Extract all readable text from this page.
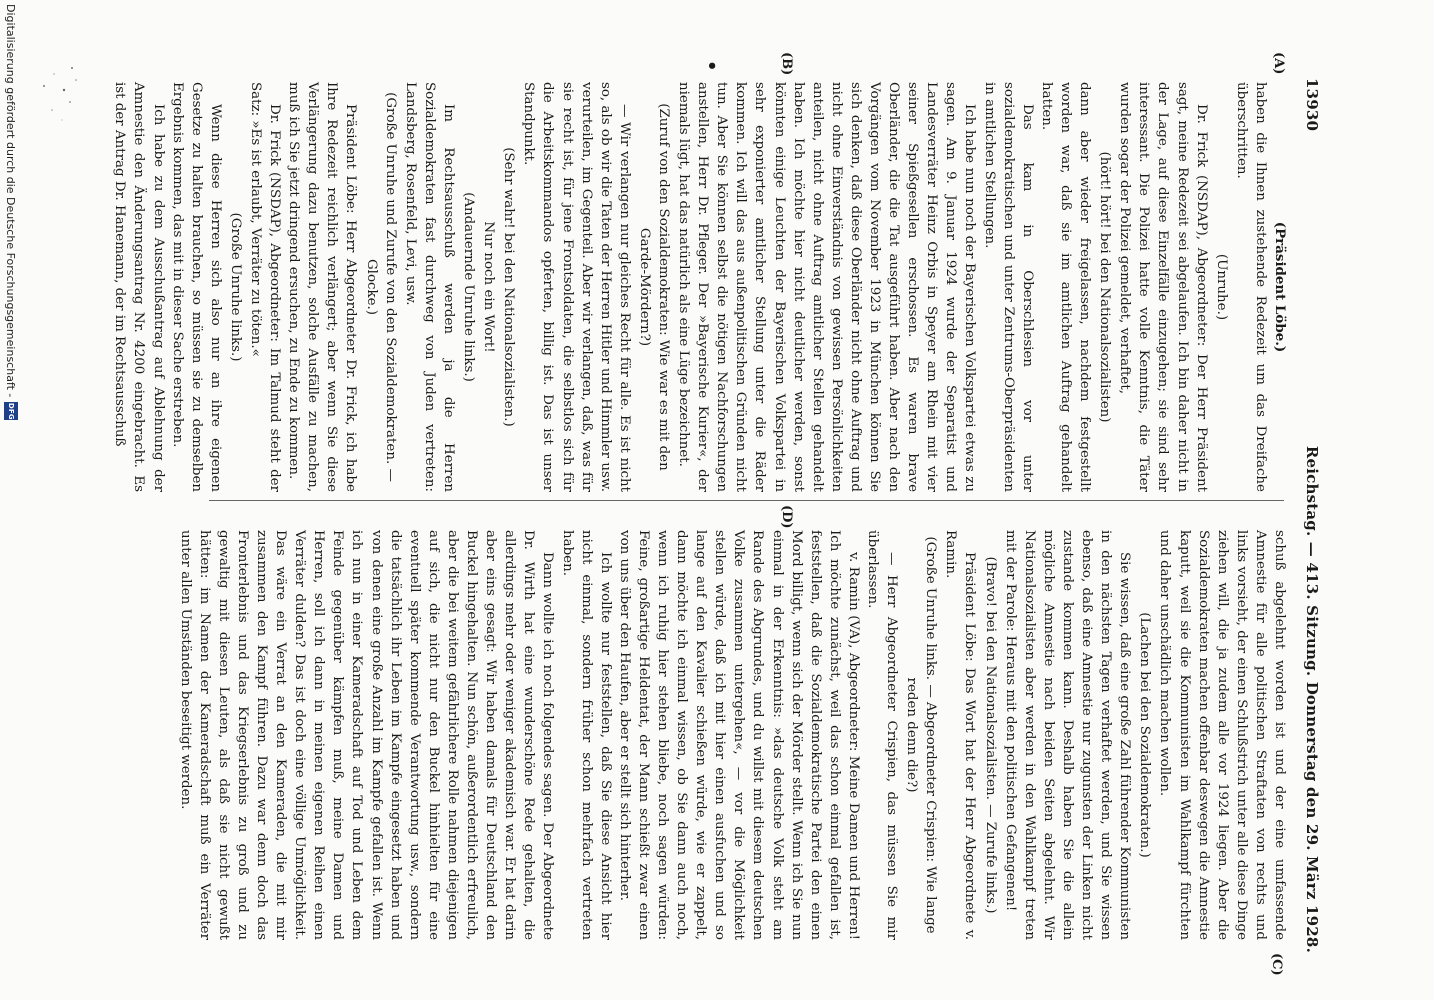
13930
Reichstag. — 413. Sitzung. Donnerstag den 29. März 1928.
(A)
(B)
(C)
(D)
•

(Präsident Löbe.)

haben die Ihnen zustehende Redezeit um das Dreifache überschritten.

(Unruhe.)

Dr. Frick (NSDAP), Abgeordneter: Der Herr Präsident sagt, meine Redezeit sei abgelaufen. Ich bin daher nicht in der Lage, auf diese Einzelfälle einzugehen; sie sind sehr interessant. Die Polizei hatte volle Kenntnis, die Täter wurden sogar der Polizei gemeldet, verhaftet,

(hört! hört! bei den Nationalsozialisten)

dann aber wieder freigelassen, nachdem festgestellt worden war, daß sie im amtlichen Auftrag gehandelt hatten.

Das kam in Oberschlesien vor unter sozialdemokratischen und unter Zentrums-Oberpräsidenten in amtlichen Stellungen.

Ich habe nun noch der Bayerischen Volkspartei etwas zu sagen. Am 9. Januar 1924 wurde der Separatist und Landesverräter Heinz Orbis in Speyer am Rhein mit vier seiner Spießgesellen erschossen. Es waren brave Oberländer, die die Tat ausgeführt haben. Aber nach den Vorgängen vom November 1923 in München können Sie sich denken, daß diese Oberländer nicht ohne Auftrag und nicht ohne Einverständnis von gewissen Persönlichkeiten anteilen, nicht ohne Auftrag amtlicher Stellen gehandelt haben. Ich möchte hier nicht deutlicher werden, sonst könnten einige Leuchten der Bayerischen Volkspartei in sehr exponierter amtlicher Stellung unter die Räder kommen. Ich will das aus außenpolitischen Gründen nicht tun. Aber Sie können selbst die nötigen Nachforschungen anstellen, Herr Dr. Pfleger. Der »Bayerische Kurier«, der niemals lügt, hat das natürlich als eine Lüge bezeichnet.

(Zuruf von den Sozialdemokraten: Wie war es mit den Garde-Mördern?)

— Wir verlangen nur gleiches Recht für alle. Es ist nicht so, als ob wir die Taten der Herren Hitler und Himmler usw. verurteilen, im Gegenteil. Aber wir verlangen, daß, was für sie recht ist, für jene Frontsoldaten, die selbstlos sich für die Arbeitskommandos opferten, billig ist. Das ist unser Standpunkt.

(Sehr wahr! bei den Nationalsozialisten.)

Nur noch ein Wort!

(Andauernde Unruhe links.)

Im Rechtsausschuß werden ja die Herren Sozialdemokraten fast durchweg von Juden vertreten: Landsberg, Rosenfeld, Levi, usw.

(Große Unruhe und Zurufe von den Sozialdemokraten. — Glocke.)

Präsident Löbe: Herr Abgeordneter Dr. Frick, ich habe Ihre Redezeit reichlich verlängert; aber wenn Sie diese Verlängerung dazu benutzen, solche Ausfälle zu machen, muß ich Sie jetzt dringend ersuchen, zu Ende zu kommen.

Dr. Frick (NSDAP), Abgeordneter: Im Talmud steht der Satz: »Es ist erlaubt, Verräter zu töten.«

(Große Unruhe links.)

Wenn diese Herren sich also nur an ihre eigenen Gesetze zu halten brauchen, so müssen sie zu demselben Ergebnis kommen, das mit in dieser Sache erstreben.

Ich habe zu dem Ausschußantrag auf Ablehnung der Amnestie den Änderungsantrag Nr. 4200 eingebracht. Es ist der Antrag Dr. Hanemann, der im Rechtsausschuß

schuß abgelehnt worden ist und der eine umfassende Amnestie für alle politischen Straftaten von rechts und links vorsieht, der einen Schlußstrich unter alle diese Dinge ziehen will, die ja zudem alle vor 1924 liegen. Aber die Sozialdemokraten machen offenbar deswegen die Amnestie kaputt, weil sie die Kommunisten im Wahlkampf fürchten und daher unschädlich machen wollen.

(Lachen bei den Sozialdemokraten.)

Sie wissen, daß eine große Zahl führender Kommunisten in den nächsten Tagen verhaftet werden, und Sie wissen ebenso, daß eine Amnestie nur zugunsten der Linken nicht zustande kommen kann. Deshalb haben Sie die allein mögliche Amnestie nach beiden Seiten abgelehnt. Wir Nationalsozialisten aber werden in den Wahlkampf treten mit der Parole: Heraus mit den politischen Gefangenen!

(Bravo! bei den Nationalsozialisten. — Zurufe links.)

Präsident Löbe: Das Wort hat der Herr Abgeordnete v. Ramin.

(Große Unruhe links. — Abgeordneter Crispien: Wie lange reden denn die?)

— Herr Abgeordneter Crispien, das müssen Sie mir überlassen.

v. Ramin (VA), Abgeordneter: Meine Damen und Herren! Ich möchte zunächst, weil das schon einmal gefallen ist, feststellen, daß die Sozialdemokratische Partei den einen Mord billigt, wenn sich der Mörder stellt. Wenn ich Sie nun einmal in der Erkenntnis: »das deutsche Volk steht am Rande des Abgrundes, und du willst mit diesem deutschen Volke zusammen untergehen«, — vor die Möglichkeit stellen würde, daß ich mit hier einen ausfuchen und so lange auf den Kavalier schießen würde, wie er zappelt, dann möchte ich einmal wissen, ob Sie dann auch noch, wenn ich ruhig hier stehen bliebe, noch sagen würden: Feine, großartige Heldentat, der Mann schießt zwar einen von uns über den Haufen, aber er stellt sich hinterher.

Ich wollte nur feststellen, daß Sie diese Ansicht hier nicht einmal, sondern früher schon mehrfach vertreten haben.

Dann wollte ich noch folgendes sagen. Der Abgeordnete Dr. Wirth hat eine wunderschöne Rede gehalten, die allerdings mehr oder weniger akademisch war. Er hat darin aber eins gesagt: Wir haben damals für Deutschland den Buckel hingehalten. Nun schön, außerordentlich erfreulich, aber die bei weitem gefährlichere Rolle nahmen diejenigen auf sich, die nicht nur den Buckel hinhielten für eine eventuell später kommende Verantwortung usw., sondern die tatsächlich ihr Leben im Kampfe eingesetzt haben und von denen eine große Anzahl im Kampfe gefallen ist. Wenn ich nun in einer Kameradschaft auf Tod und Leben dem Feinde gegenüber kämpfen muß, meine Damen und Herren, soll ich dann in meinen eigenen Reihen einen Verräter dulden? Das ist doch eine völlige Unmöglichkeit. Das wäre ein Verrat an den Kameraden, die mit mir zusammen den Kampf führen. Dazu war denn doch das Fronterlebnis und das Kriegserlebnis zu groß und zu gewaltig mit diesen Leuten, als daß sie nicht gewußt hätten: im Namen der Kameradschaft muß ein Verräter unter allen Umständen beseitigt werden.

Digitalisierung gefördert durch die Deutsche Forschungsgemeinschaft -
DFG
